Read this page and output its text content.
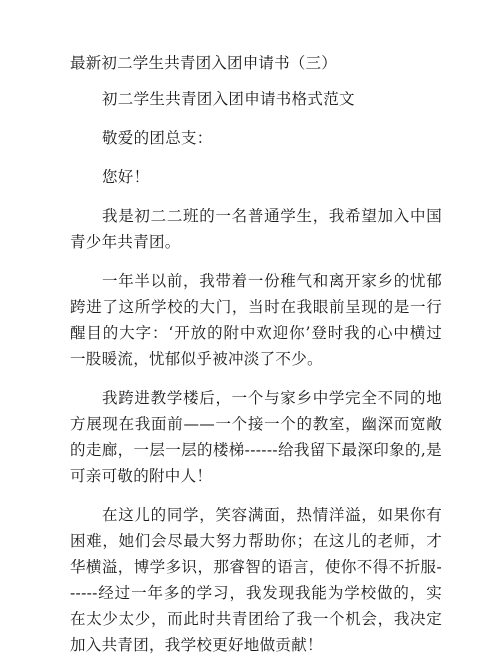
最新初二学生共青团入团申请书（三）

初二学生共青团入团申请书格式范文

敬爱的团总支：

您好！

我是初二二班的一名普通学生，我希望加入中国青少年共青团。

一年半以前，我带着一份稚气和离开家乡的忧郁跨进了这所学校的大门，当时在我眼前呈现的是一行醒目的大字：‘开放的附中欢迎你’登时我的心中横过一股暖流，忧郁似乎被冲淡了不少。

我跨进教学楼后，一个与家乡中学完全不同的地方展现在我面前——一个接一个的教室，幽深而宽敞的走廊，一层一层的楼梯------给我留下最深印象的,是可亲可敬的附中人！

在这儿的同学，笑容满面，热情洋溢，如果你有困难，她们会尽最大努力帮助你；在这儿的老师，才华横溢，博学多识，那睿智的语言，使你不得不折服------经过一年多的学习，我发现我能为学校做的，实在太少太少，而此时共青团给了我一个机会，我决定加入共青团，我学校更好地做贡献！
